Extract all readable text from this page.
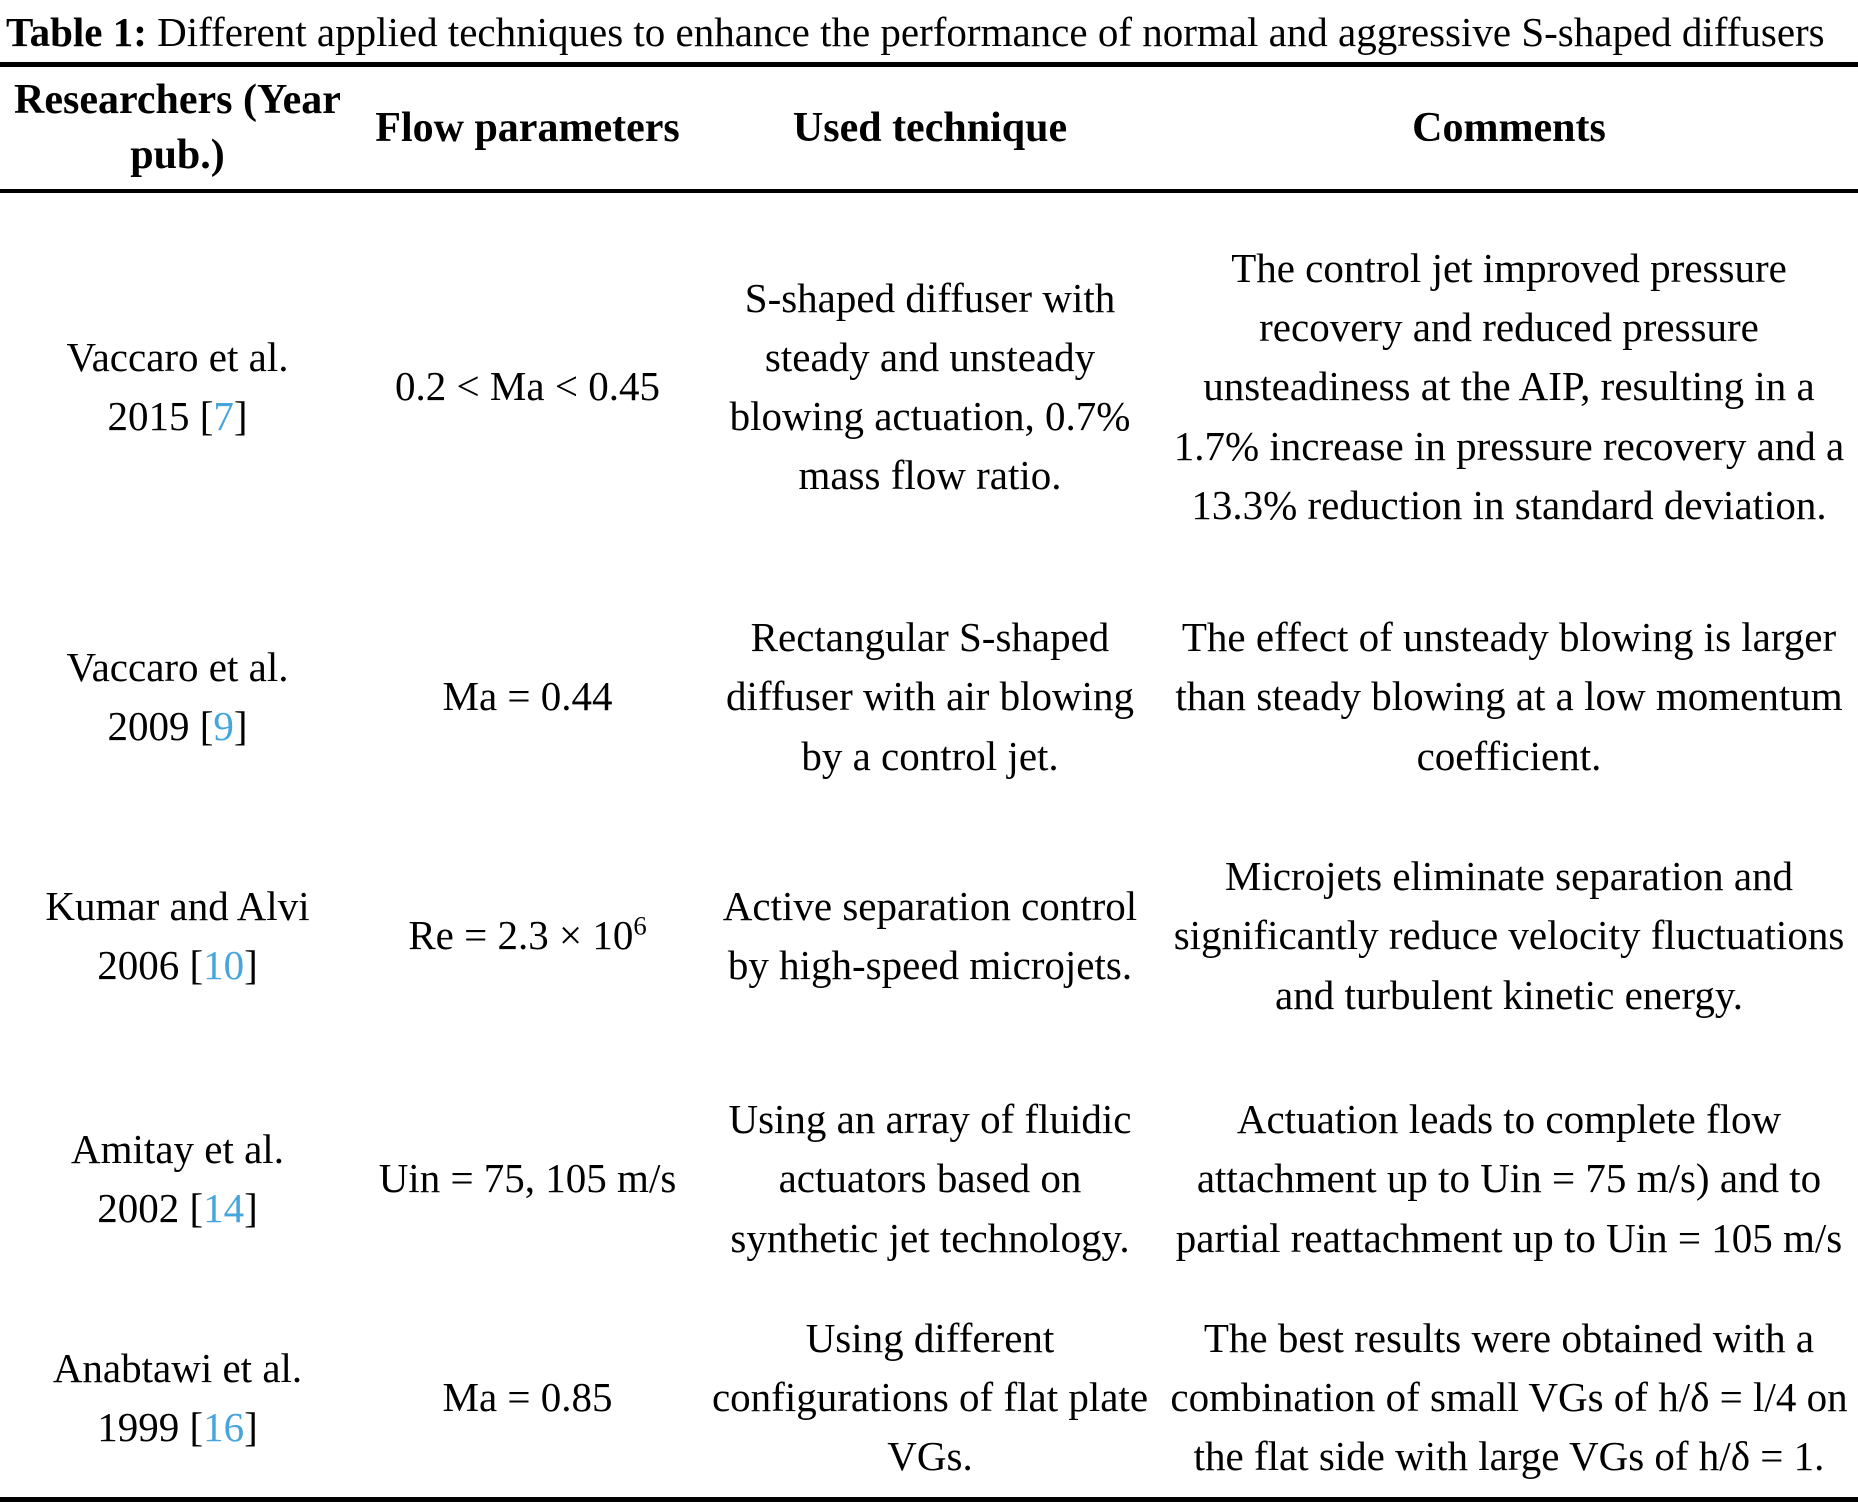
Table 1: Different applied techniques to enhance the performance of normal and aggressive S-shaped diffusers
Researchers (Year pub.)	Flow parameters	Used technique	Comments

Vaccaro et al.
2015 [7]	0.2 < Ma < 0.45	S-shaped diffuser with steady and unsteady blowing actuation, 0.7% mass flow ratio.	The control jet improved pressure recovery and reduced pressure unsteadiness at the AIP, resulting in a 1.7% increase in pressure recovery and a 13.3% reduction in standard deviation.

Vaccaro et al.
2009 [9]	Ma = 0.44	Rectangular S-shaped diffuser with air blowing by a control jet.	The effect of unsteady blowing is larger than steady blowing at a low momentum coefficient.

Kumar and Alvi
2006 [10]	$Re = 2.3 \times 10^6$	Active separation control by high-speed microjets.	Microjets eliminate separation and significantly reduce velocity fluctuations and turbulent kinetic energy.

Amitay et al.
2002 [14]	Uin = 75, 105 m/s	Using an array of fluidic actuators based on synthetic jet technology.	Actuation leads to complete flow attachment up to Uin = 75 m/s) and to partial reattachment up to Uin = 105 m/s

Anabtawi et al.
1999 [16]	Ma = 0.85	Using different configurations of flat plate VGs.	The best results were obtained with a combination of small VGs of h/δ = l/4 on the flat side with large VGs of h/δ = 1.
